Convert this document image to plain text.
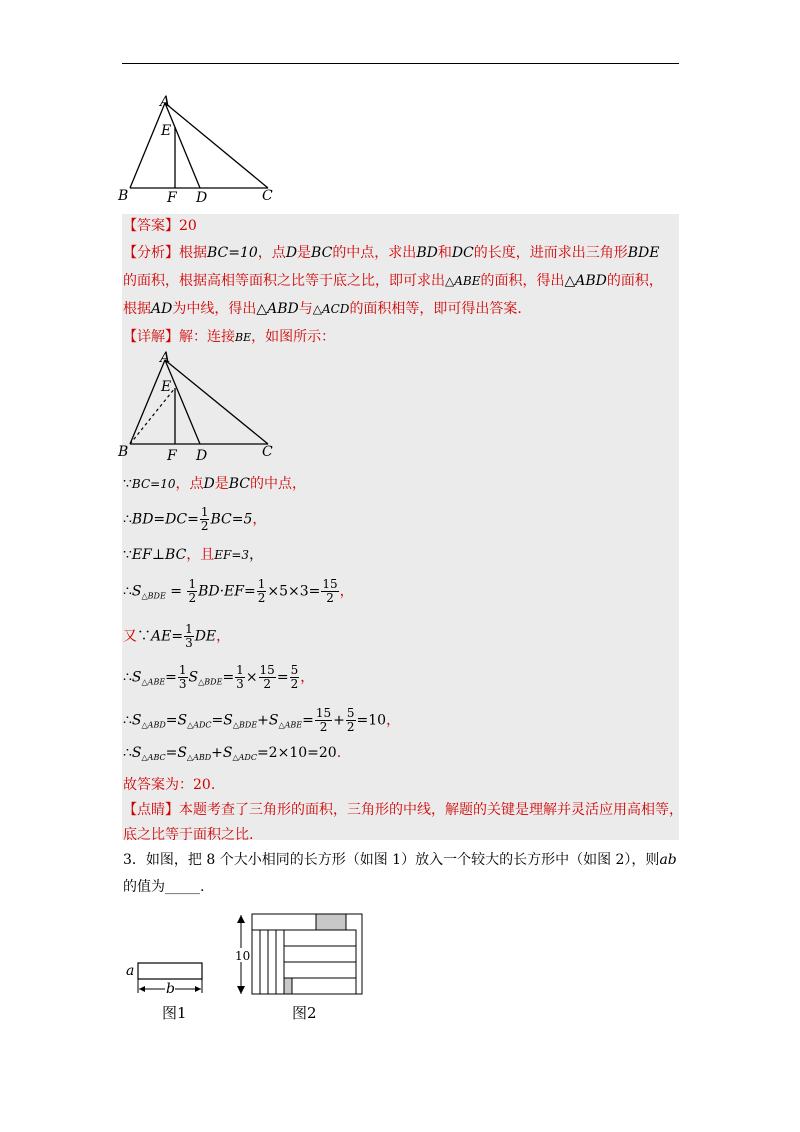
A
E
B	F D	C
【答案】20
【分析】根据BC=10，点D是BC的中点，求出BD和DC的长度，进而求出三角形BDE
的面积，根据高相等面积之比等于底之比，即可求出△ABE的面积，得出△ABD的面积，
根据AD为中线，得出△ABD与△ACD的面积相等，即可得出答案.
【详解】解：连接BE，如图所示：
A
E
B	F D	C
∵BC=10，点D是BC的中点，
∴BD=DC= $\frac{1}{2} BC=5$，
∵EF⊥BC，且EF=3，
$\therefore S_{\triangle BDE} = \frac{1}{2} BD\cdot EF= \frac{1}{2} \times 5\times 3= \frac{15}{2}$ ，
又∵AE= $\frac{1}{3}$ DE，
$\therefore S_{\triangle ABE}= \frac{1}{3} S_{\triangle BDE}= \frac{1}{3} \times \frac{15}{2} = \frac{5}{2}$ ，
$\therefore S_{\triangle ABD}=S_{\triangle ADC}=S_{\triangle BDE}+S_{\triangle ABE}= \frac{15}{2} + \frac{5}{2} =10$，
$\therefore S_{\triangle ABC}=S_{\triangle ABD}+S_{\triangle ADC}=2\times 10=20$.
故答案为：20.
【点睛】本题考查了三角形的面积，三角形的中线，解题的关键是理解并灵活应用高相等，
底之比等于面积之比.
3．如图，把 8 个大小相同的长方形（如图 1）放入一个较大的长方形中（如图 2），则ab
的值为_____.
a
b
图1
10
图2
